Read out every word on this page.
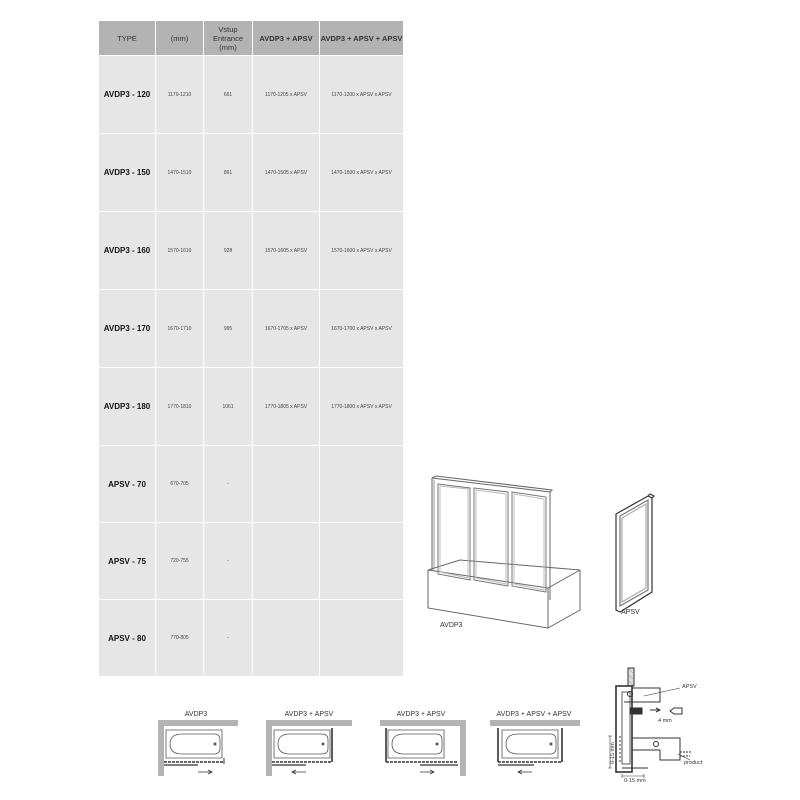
TYPE	(mm)	Vstup
Entrance
(mm)	AVDP3 + APSV	AVDP3 + APSV + APSV
AVDP3 - 120	1170-1210	661	1170-1205 x APSV	1170-1200 x APSV x APSV
AVDP3 - 150	1470-1510	861	1470-1505 x APSV	1470-1500 x APSV x APSV
AVDP3 - 160	1570-1610	928	1570-1605 x APSV	1570-1600 x APSV x APSV
AVDP3 - 170	1670-1710	995	1670-1705 x APSV	1670-1700 x APSV x APSV
AVDP3 - 180	1770-1810	1061	1770-1805 x APSV	1770-1800 x APSV x APSV
APSV - 70	670-705	-		
APSV - 75	720-755	-		
APSV - 80	770-805	-		
AVDP3
APSV
AVDP3	AVDP3 + APSV	AVDP3 + APSV	AVDP3 + APSV + APSV
APSV
4 mm
0-15 mm
0-15 mm
product
